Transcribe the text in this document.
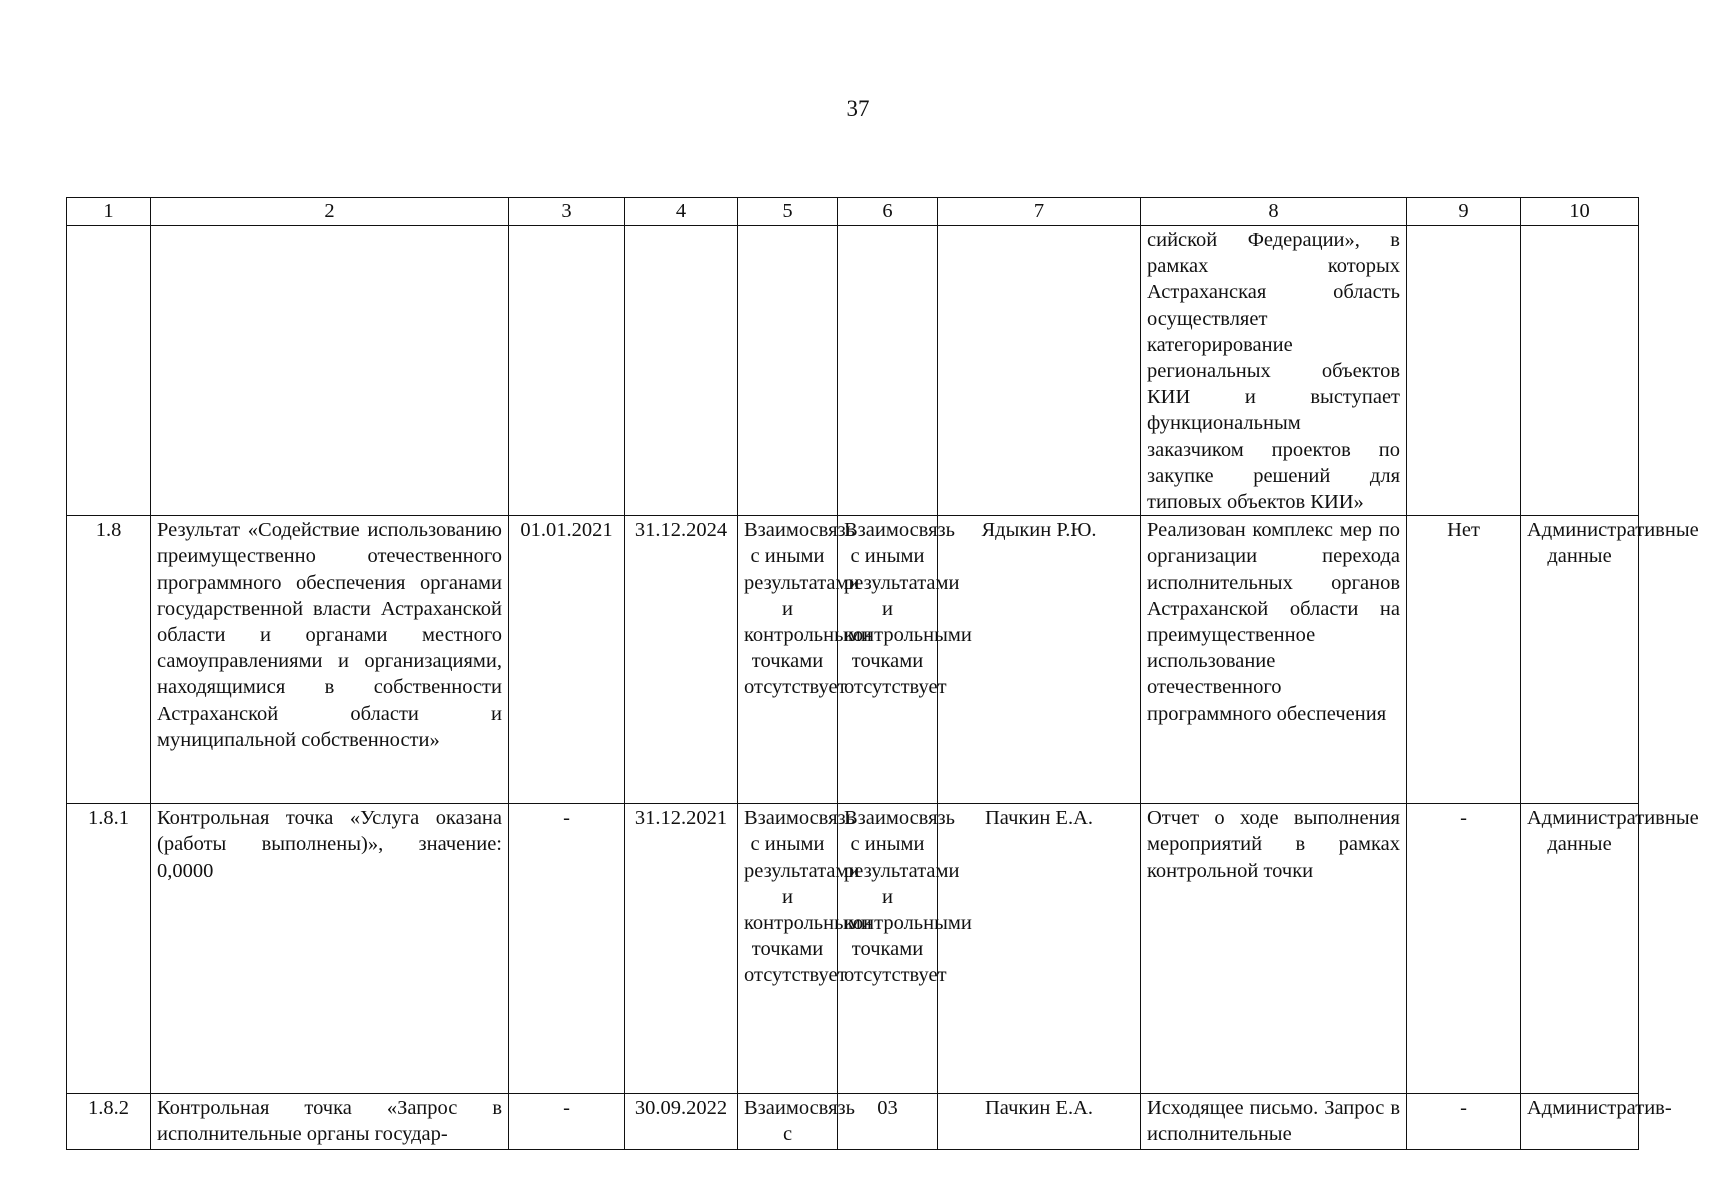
37
1	2	3	4	5	6	7	8	9	10
							сийской Федерации», в рамках которых Астраханская область осуществляет категорирование региональных объектов КИИ и выступает функциональным заказчиком проектов по закупке решений для типовых объектов КИИ»		
1.8	Результат «Содействие использованию преимущественно отечественного программного обеспечения органами государственной власти Астраханской области и органами местного самоуправлениями и организациями, находящимися в собственности Астраханской области и муниципальной собственности»	01.01.2021	31.12.2024	Взаимосвязь с иными результатами и контрольными точками отсутствует	Взаимосвязь с иными результатами и контрольными точками отсутствует	Ядыкин Р.Ю.	Реализован комплекс мер по организации перехода исполнительных органов Астраханской области на преимущественное использование отечественного программного обеспечения	Нет	Административные данные
1.8.1	Контрольная точка «Услуга оказана (работы выполнены)», значение: 0,0000	-	31.12.2021	Взаимосвязь с иными результатами и контрольными точками отсутствует	Взаимосвязь с иными результатами и контрольными точками отсутствует	Пачкин Е.А.	Отчет о ходе выполнения мероприятий в рамках контрольной точки	-	Административные данные
1.8.2	Контрольная точка «Запрос в исполнительные органы государ-	-	30.09.2022	Взаимосвязь с	03	Пачкин Е.А.	Исходящее письмо. Запрос в исполнительные	-	Административ-
